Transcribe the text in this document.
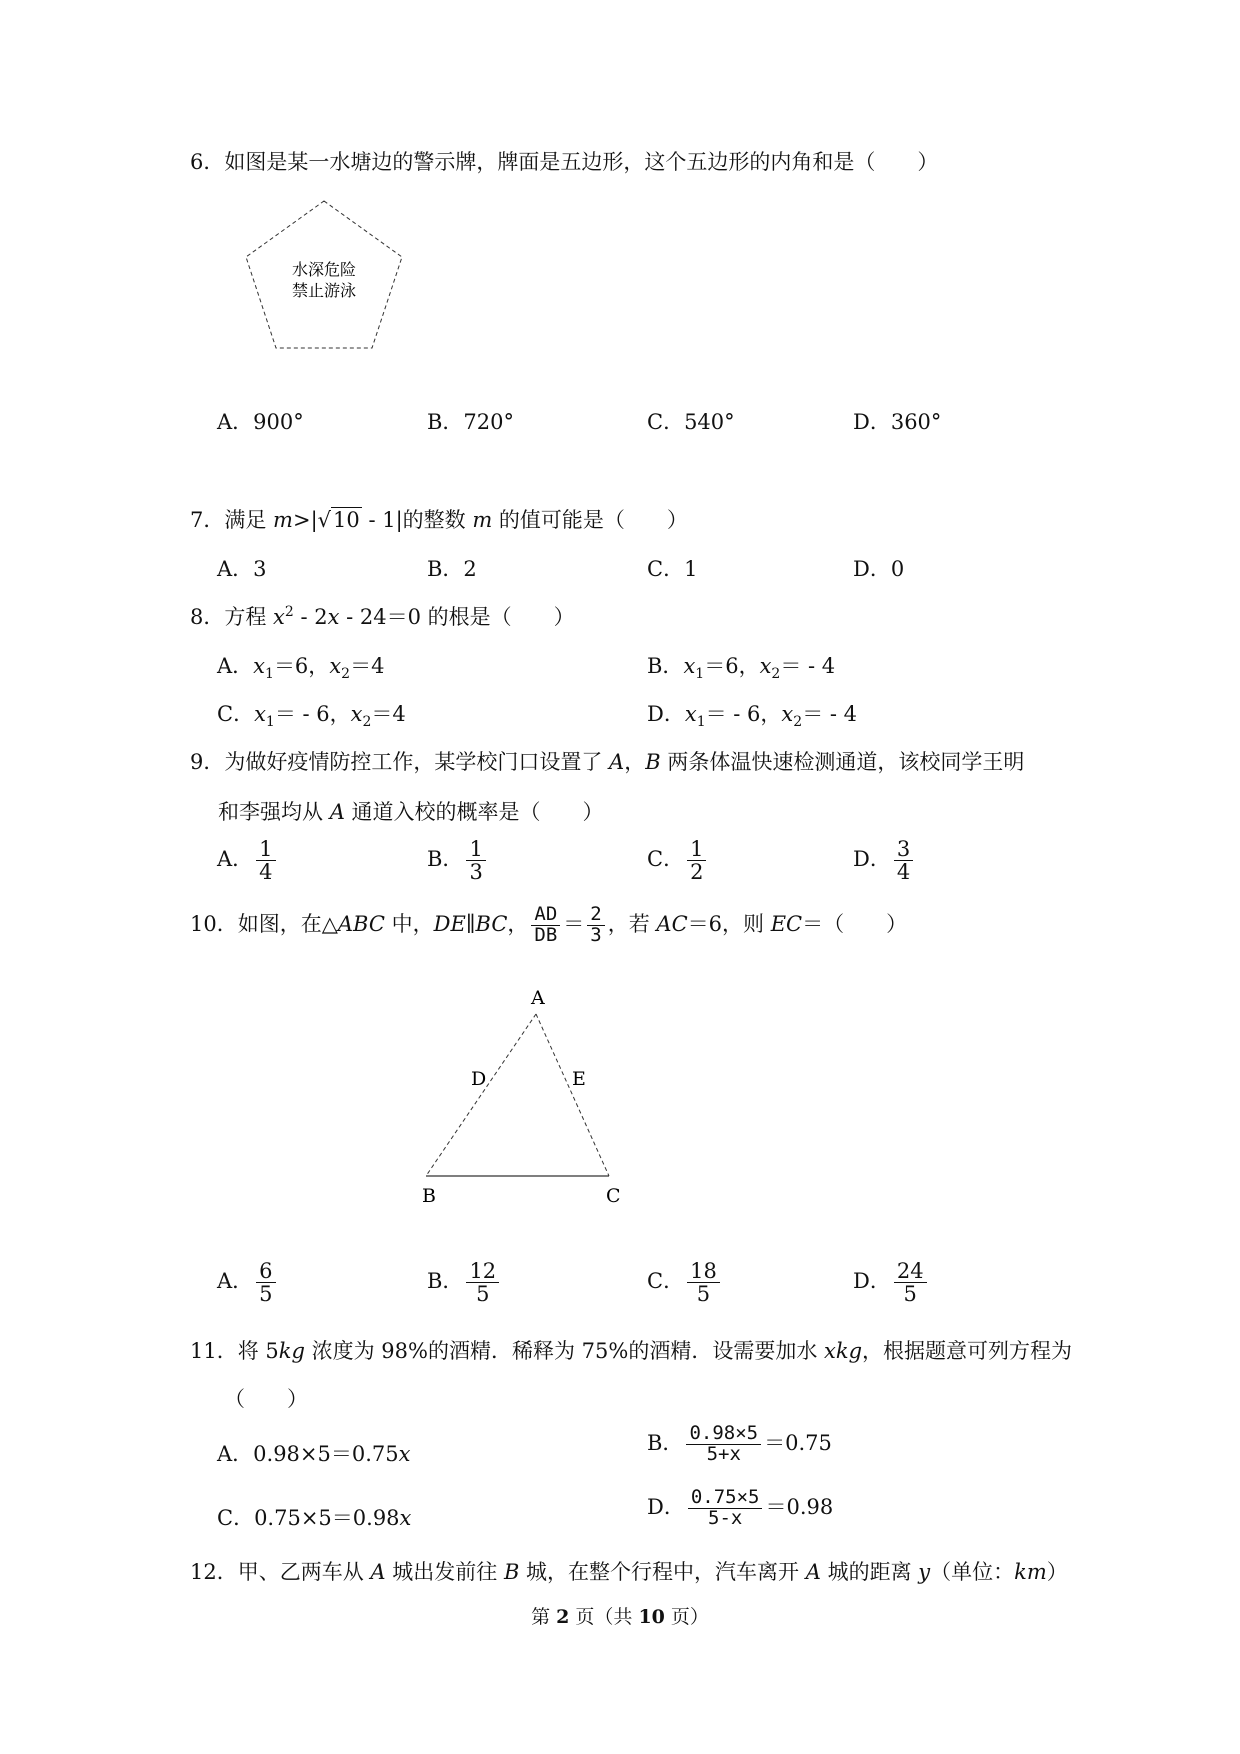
6．如图是某一水塘边的警示牌，牌面是五边形，这个五边形的内角和是（　　）
水深危险
禁止游泳
A．900°	B．720°	C．540°	D．360°
7．满足 m>|√10 - 1|的整数 m 的值可能是（　　）
A．3	B．2	C．1	D．0
8．方程 $x^2 - 2x - 24=0$ 的根是（　　）
A．$x_1=6$，$x_2=4$	B．$x_1=6$，$x_2= - 4$
C．$x_1= - 6$，$x_2=4$	D．$x_1= - 6$，$x_2= - 4$
9．为做好疫情防控工作，某学校门口设置了 A，B 两条体温快速检测通道，该校同学王明
和李强均从 A 通道入校的概率是（　　）
A． $\frac{1}{4}$	B． $\frac{1}{3}$	C． $\frac{1}{2}$	D． $\frac{3}{4}$
10．如图，在△ABC 中，DE∥BC， $\frac{AD}{DB} = \frac{2}{3}$ ，若 AC＝6，则 EC＝（　　）
A
D	E
B	C
A． $\frac{6}{5}$	B． $\frac{12}{5}$	C． $\frac{18}{5}$	D． $\frac{24}{5}$
11．将 5kg 浓度为 98%的酒精．稀释为 75%的酒精．设需要加水 xkg，根据题意可列方程为
（　　）
A．0.98×5＝0.75x	B． $\frac{0.98\times 5}{5+x} =0.75$
C．0.75×5＝0.98x	D． $\frac{0.75\times 5}{5-x} =0.98$
12．甲、乙两车从 A 城出发前往 B 城，在整个行程中，汽车离开 A 城的距离 y（单位：km）
第 2 页（共 10 页）
